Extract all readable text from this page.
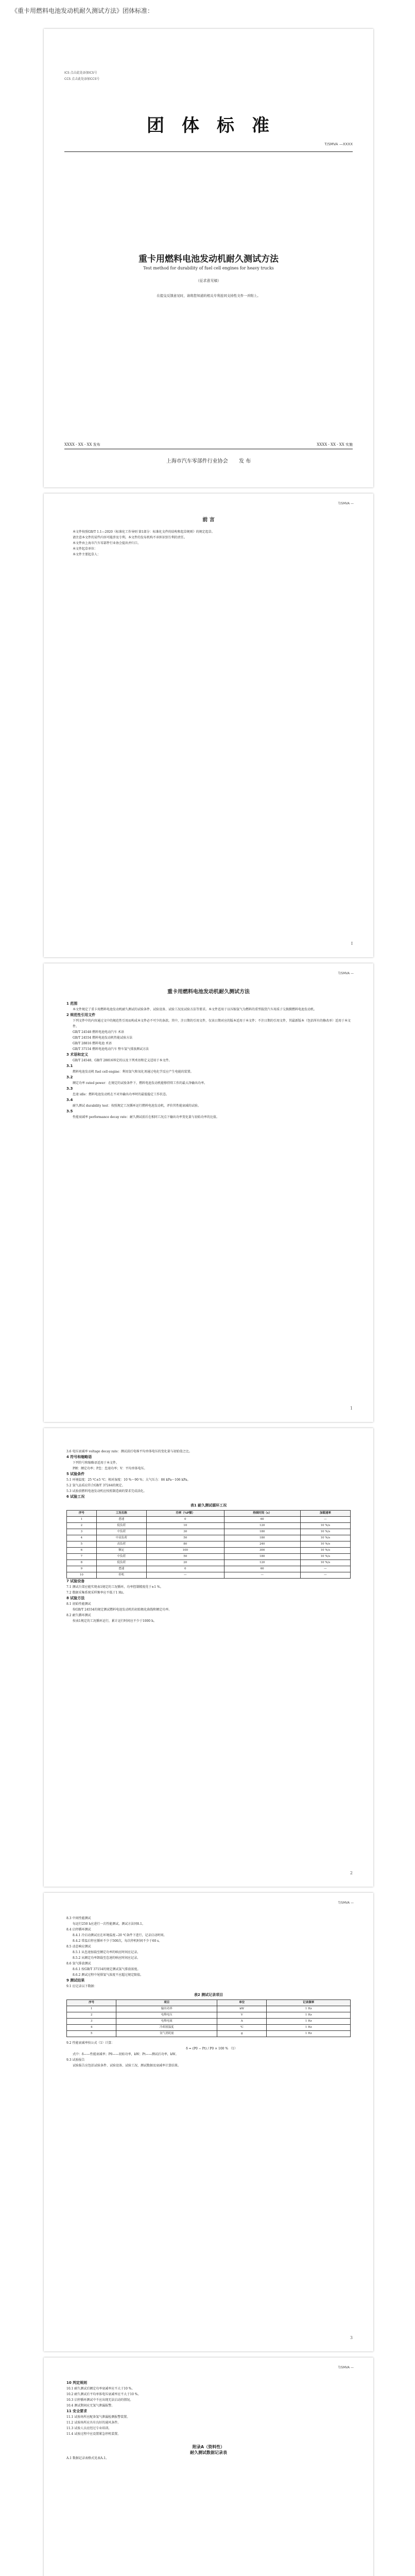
《重卡用燃料电池发动机耐久测试方法》团体标准：
ICS 点击此处添加ICS号
CCS 点击此处添加CCS号
团体标准
T/SMVA —XXXX
重卡用燃料电池发动机耐久测试方法
Test method for durability of fuel cell engines for heavy trucks
（征求意见稿）
在提交反馈意见时，请将您知道的相关专利连同支持性文件一并附上。
XXXX - XX - XX 发布	XXXX - XX - XX 实施
上海市汽车零部件行业协会 发 布
T/SMVA —

前 言

本文件按照GB/T 1.1—2020《标准化工作导则 第1部分：标准化文件的结构和起草规则》的规定起草。

请注意本文件的某些内容可能涉及专利。本文件的发布机构不承担识别专利的责任。

本文件由上海市汽车零部件行业协会提出并归口。

本文件起草单位：

本文件主要起草人：

I
T/SMVA —

重卡用燃料电池发动机耐久测试方法

1 范围

本文件规定了重卡用燃料电池发动机耐久测试的试验条件、试验设备、试验工况及试验方法等要求。本文件适用于以压缩氢气为燃料的重型载货汽车用质子交换膜燃料电池发动机。

2 规范性引用文件

下列文件中的内容通过文中的规范性引用而构成本文件必不可少的条款。其中，注日期的引用文件，仅该日期对应的版本适用于本文件；不注日期的引用文件，其最新版本（包括所有的修改单）适用于本文件。

GB/T 24548 燃料电池电动汽车 术语

GB/T 24554 燃料电池发动机性能试验方法

GB/T 28816 燃料电池 术语

GB/T 37154 燃料电池电动汽车 整车氢气排放测试方法

3 术语和定义

GB/T 24548、GB/T 28816界定的以及下列术语和定义适用于本文件。

3.1

燃料电池发动机 fuel cell engine：利用氢气和氧化剂通过电化学反应产生电能的装置。

3.2

额定功率 rated power：在规定的试验条件下，燃料电池发动机能够持续工作的最大净输出功率。

3.3

怠速 idle：燃料电池发动机在不对外输出功率时的最低稳定工作状态。

3.4

耐久测试 durability test：按照规定工况循环运行燃料电池发动机，评价其性能衰减的试验。

3.5

性能衰减率 performance decay rate：耐久测试前后在相同工况点下输出功率变化量与初始功率的比值。

1

3.6 电压衰减率 voltage decay rate：测试前后电堆平均单体电压的变化量与初始值之比。

4 符号和缩略语

下列符号和缩略语适用于本文件。

P额：额定功率；P怠：怠速功率；V：平均单体电压。

5 试验条件

5.1 环境温度：25 ℃±5 ℃；相对湿度：10 %～90 %；大气压力：86 kPa～106 kPa。

5.2 氢气品质应符合GB/T 37244的规定。

5.3 试验前燃料电池发动机应按照制造商的要求完成活化。

6 试验工况

表1 耐久测试循环工况
序号	工况名称	功率（%P额）	持续时间（s）	加载速率
1	怠速	0	60	—
2	低负荷	10	120	10 %/s
3	中负荷	30	180	10 %/s
4	中高负荷	50	180	10 %/s
5	高负荷	80	240	10 %/s
6	额定	100	300	10 %/s
7	中负荷	50	180	10 %/s
8	低负荷	20	120	10 %/s
9	怠速	0	60	—
10	停机	—	—	—

7 试验设备

7.1 测试台架应能实现表1规定的工况循环，功率控制精度优于±1 %。

7.2 数据采集系统采样频率应不低于1 Hz。

8 试验方法

8.1 初始性能测试

按GB/T 24554的规定测试燃料电池发动机的初始极化曲线和额定功率。

8.2 耐久循环测试

按表1规定的工况循环运行，累计运行时间应不少于1000 h。

2
T/SMVA —

8.3 中间性能测试

每运行250 h应进行一次性能测试，测试方法同8.1。

8.4 启停循环测试

8.4.1 冷启动测试应在环境温度−20 ℃条件下进行，记录启动时间。

8.4.2 常温启停应循环不少于500次，每次停机时间不少于60 s。

8.5 动态响应测试

8.5.1 从怠速加载至额定功率的响应时间应记录。

8.5.2 从额定功率卸载至怠速的响应时间应记录。

8.6 氢气排放测试

8.6.1 按GB/T 37154的规定测试氢气排放浓度。

8.6.2 测试过程中尾排氢气浓度不应超过规定限值。

9 测试结果

9.1 应记录以下数据：

表2 测试记录项目
序号	项目	单位	记录频率
1	输出功率	kW	1 Hz
2	电堆电压	V	1 Hz
3	电堆电流	A	1 Hz
4	冷却液温度	℃	1 Hz
5	氢气消耗量	g	1 Hz

9.2 性能衰减率按公式（1）计算：

δ = (P0 − Pt) / P0 × 100 % （1）

式中：δ——性能衰减率；P0——初始功率，kW；Pt——测试后功率，kW。

9.3 试验报告

试验报告应包括试验条件、试验设备、试验工况、测试数据及衰减率计算结果。

3
T/SMVA —

10 判定规则

10.1 耐久测试后额定功率衰减率应不大于10 %。

10.2 耐久测试后平均单体电压衰减率应不大于10 %。

10.3 启停循环测试中不应出现无法启动的情况。

10.4 测试期间应无氢气泄漏报警。

11 安全要求

11.1 试验场所应配备氢气泄漏检测报警装置。

11.2 试验场所应具有良好的通风条件。

11.3 试验人员应经过专业培训。

11.4 试验过程中应设置紧急停机装置。

附录A（资料性）

耐久测试数据记录表

A.1 数据记录表格式见表A.1。
